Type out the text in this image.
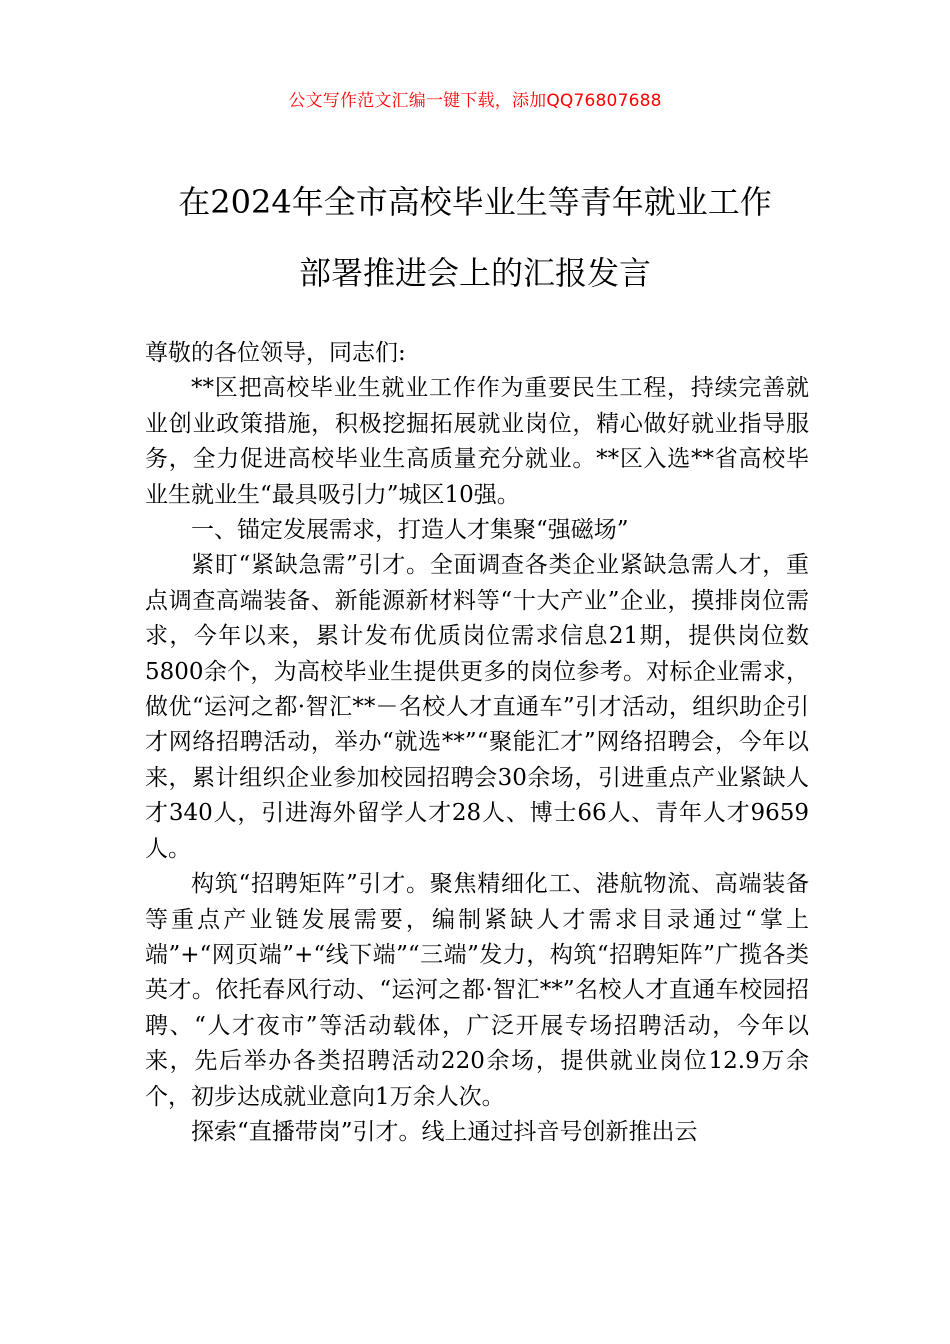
公文写作范文汇编一键下载，添加QQ76807688
在2024年全市高校毕业生等青年就业工作
部署推进会上的汇报发言

尊敬的各位领导，同志们:

**区把高校毕业生就业工作作为重要民生工程，持续完善就业创业政策措施，积极挖掘拓展就业岗位，精心做好就业指导服务，全力促进高校毕业生高质量充分就业。**区入选**省高校毕业生就业生“最具吸引力”城区10强。

一、锚定发展需求，打造人才集聚“强磁场”

紧盯“紧缺急需”引才。全面调查各类企业紧缺急需人才，重点调查高端装备、新能源新材料等“十大产业”企业，摸排岗位需求，今年以来，累计发布优质岗位需求信息21期，提供岗位数5800余个，为高校毕业生提供更多的岗位参考。对标企业需求，做优“运河之都·智汇**－名校人才直通车”引才活动，组织助企引才网络招聘活动，举办“就选**”“聚能汇才”网络招聘会，今年以来，累计组织企业参加校园招聘会30余场，引进重点产业紧缺人才340人，引进海外留学人才28人、博士66人、青年人才9659人。

构筑“招聘矩阵”引才。聚焦精细化工、港航物流、高端装备等重点产业链发展需要，编制紧缺人才需求目录通过“掌上端”+“网页端”+“线下端”“三端”发力，构筑“招聘矩阵”广揽各类英才。依托春风行动、“运河之都·智汇**”名校人才直通车校园招聘、“人才夜市”等活动载体，广泛开展专场招聘活动，今年以来，先后举办各类招聘活动220余场，提供就业岗位12.9万余个，初步达成就业意向1万余人次。

探索“直播带岗”引才。线上通过抖音号创新推出云
